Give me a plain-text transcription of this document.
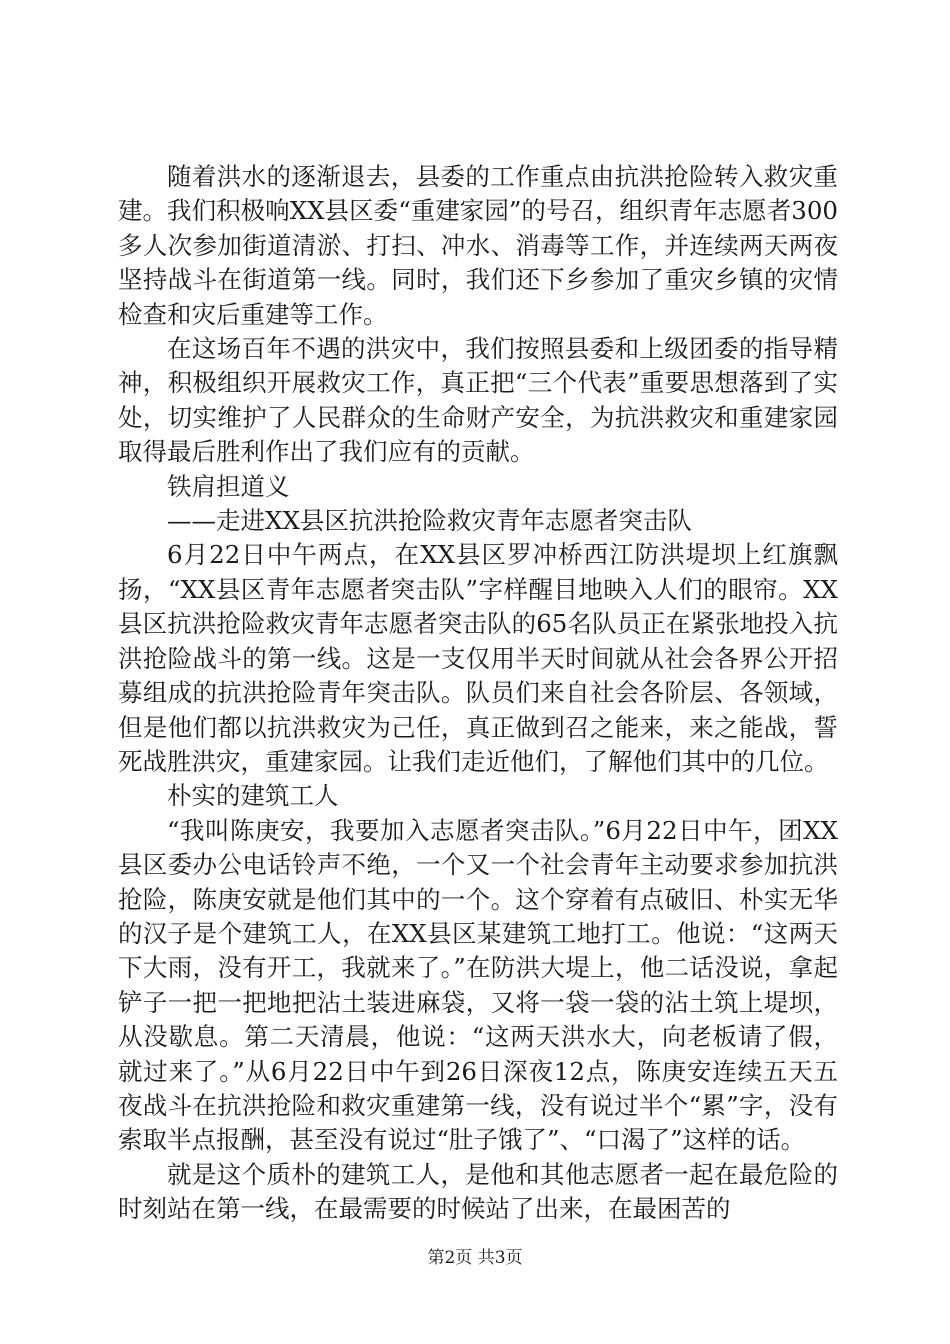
随着洪水的逐渐退去，县委的工作重点由抗洪抢险转入救灾重建。我们积极响XX县区委“重建家园”的号召，组织青年志愿者300多人次参加街道清淤、打扫、冲水、消毒等工作，并连续两天两夜坚持战斗在街道第一线。同时，我们还下乡参加了重灾乡镇的灾情检查和灾后重建等工作。

在这场百年不遇的洪灾中，我们按照县委和上级团委的指导精神，积极组织开展救灾工作，真正把“三个代表”重要思想落到了实处，切实维护了人民群众的生命财产安全，为抗洪救灾和重建家园取得最后胜利作出了我们应有的贡献。

铁肩担道义

——走进XX县区抗洪抢险救灾青年志愿者突击队

6月22日中午两点，在XX县区罗冲桥西江防洪堤坝上红旗飘扬，“XX县区青年志愿者突击队”字样醒目地映入人们的眼帘。XX县区抗洪抢险救灾青年志愿者突击队的65名队员正在紧张地投入抗洪抢险战斗的第一线。这是一支仅用半天时间就从社会各界公开招募组成的抗洪抢险青年突击队。队员们来自社会各阶层、各领域，但是他们都以抗洪救灾为己任，真正做到召之能来，来之能战，誓死战胜洪灾，重建家园。让我们走近他们，了解他们其中的几位。

朴实的建筑工人

“我叫陈庚安，我要加入志愿者突击队。”6月22日中午，团XX县区委办公电话铃声不绝，一个又一个社会青年主动要求参加抗洪抢险，陈庚安就是他们其中的一个。这个穿着有点破旧、朴实无华的汉子是个建筑工人，在XX县区某建筑工地打工。他说：“这两天下大雨，没有开工，我就来了。”在防洪大堤上，他二话没说，拿起铲子一把一把地把沾土装进麻袋，又将一袋一袋的沾土筑上堤坝，从没歇息。第二天清晨，他说：“这两天洪水大，向老板请了假，就过来了。”从6月22日中午到26日深夜12点，陈庚安连续五天五夜战斗在抗洪抢险和救灾重建第一线，没有说过半个“累”字，没有索取半点报酬，甚至没有说过“肚子饿了”、“口渴了”这样的话。

就是这个质朴的建筑工人，是他和其他志愿者一起在最危险的时刻站在第一线，在最需要的时候站了出来，在最困苦的

第2页 共3页
